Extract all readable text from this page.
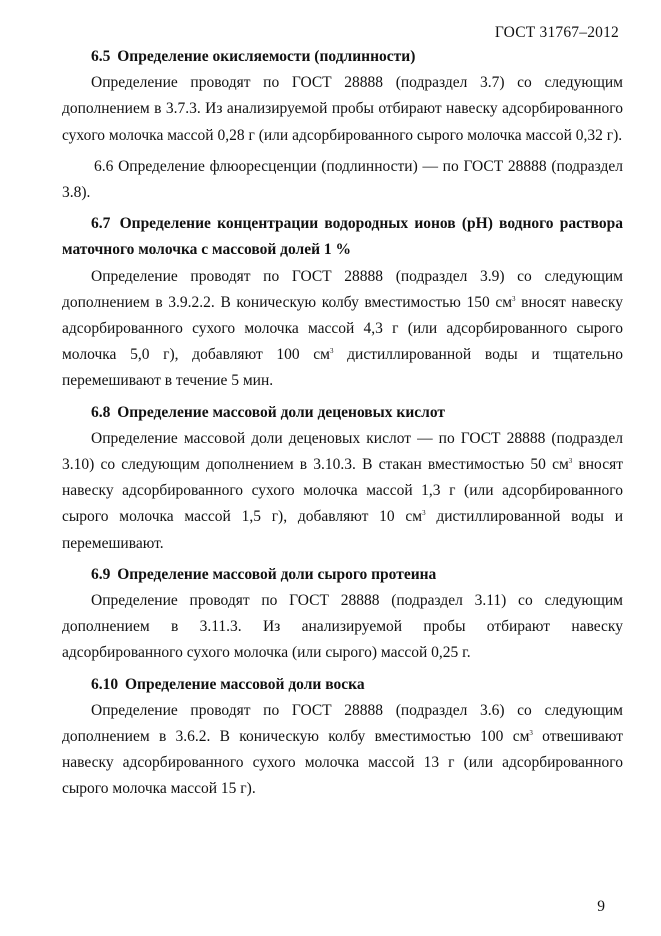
ГОСТ 31767–2012

6.5 Определение окисляемости (подлинности)

Определение проводят по ГОСТ 28888 (подраздел 3.7) со следующим дополнением в 3.7.3. Из анализируемой пробы отбирают навеску адсорбированного сухого молочка массой 0,28 г (или адсорбированного сырого молочка массой 0,32 г).

6.6 Определение флюоресценции (подлинности) — по ГОСТ 28888 (подраздел 3.8).

6.7 Определение концентрации водородных ионов (pH) водного раствора маточного молочка с массовой долей 1 %

Определение проводят по ГОСТ 28888 (подраздел 3.9) со следующим дополнением в 3.9.2.2. В коническую колбу вместимостью 150 $см^3$ вносят навеску адсорбированного сухого молочка массой 4,3 г (или адсорбированного сырого молочка 5,0 г), добавляют 100 $см^3$ дистиллированной воды и тщательно перемешивают в течение 5 мин.

6.8 Определение массовой доли деценовых кислот

Определение массовой доли деценовых кислот — по ГОСТ 28888 (подраздел 3.10) со следующим дополнением в 3.10.3. В стакан вместимостью 50 $см^3$ вносят навеску адсорбированного сухого молочка массой 1,3 г (или адсорбированного сырого молочка массой 1,5 г), добавляют 10 $см^3$ дистиллированной воды и перемешивают.

6.9 Определение массовой доли сырого протеина

Определение проводят по ГОСТ 28888 (подраздел 3.11) со следующим дополнением в 3.11.3. Из анализируемой пробы отбирают навеску адсорбированного сухого молочка (или сырого) массой 0,25 г.

6.10 Определение массовой доли воска

Определение проводят по ГОСТ 28888 (подраздел 3.6) со следующим дополнением в 3.6.2. В коническую колбу вместимостью 100 $см^3$ отвешивают навеску адсорбированного сухого молочка массой 13 г (или адсорбированного сырого молочка массой 15 г).

9
